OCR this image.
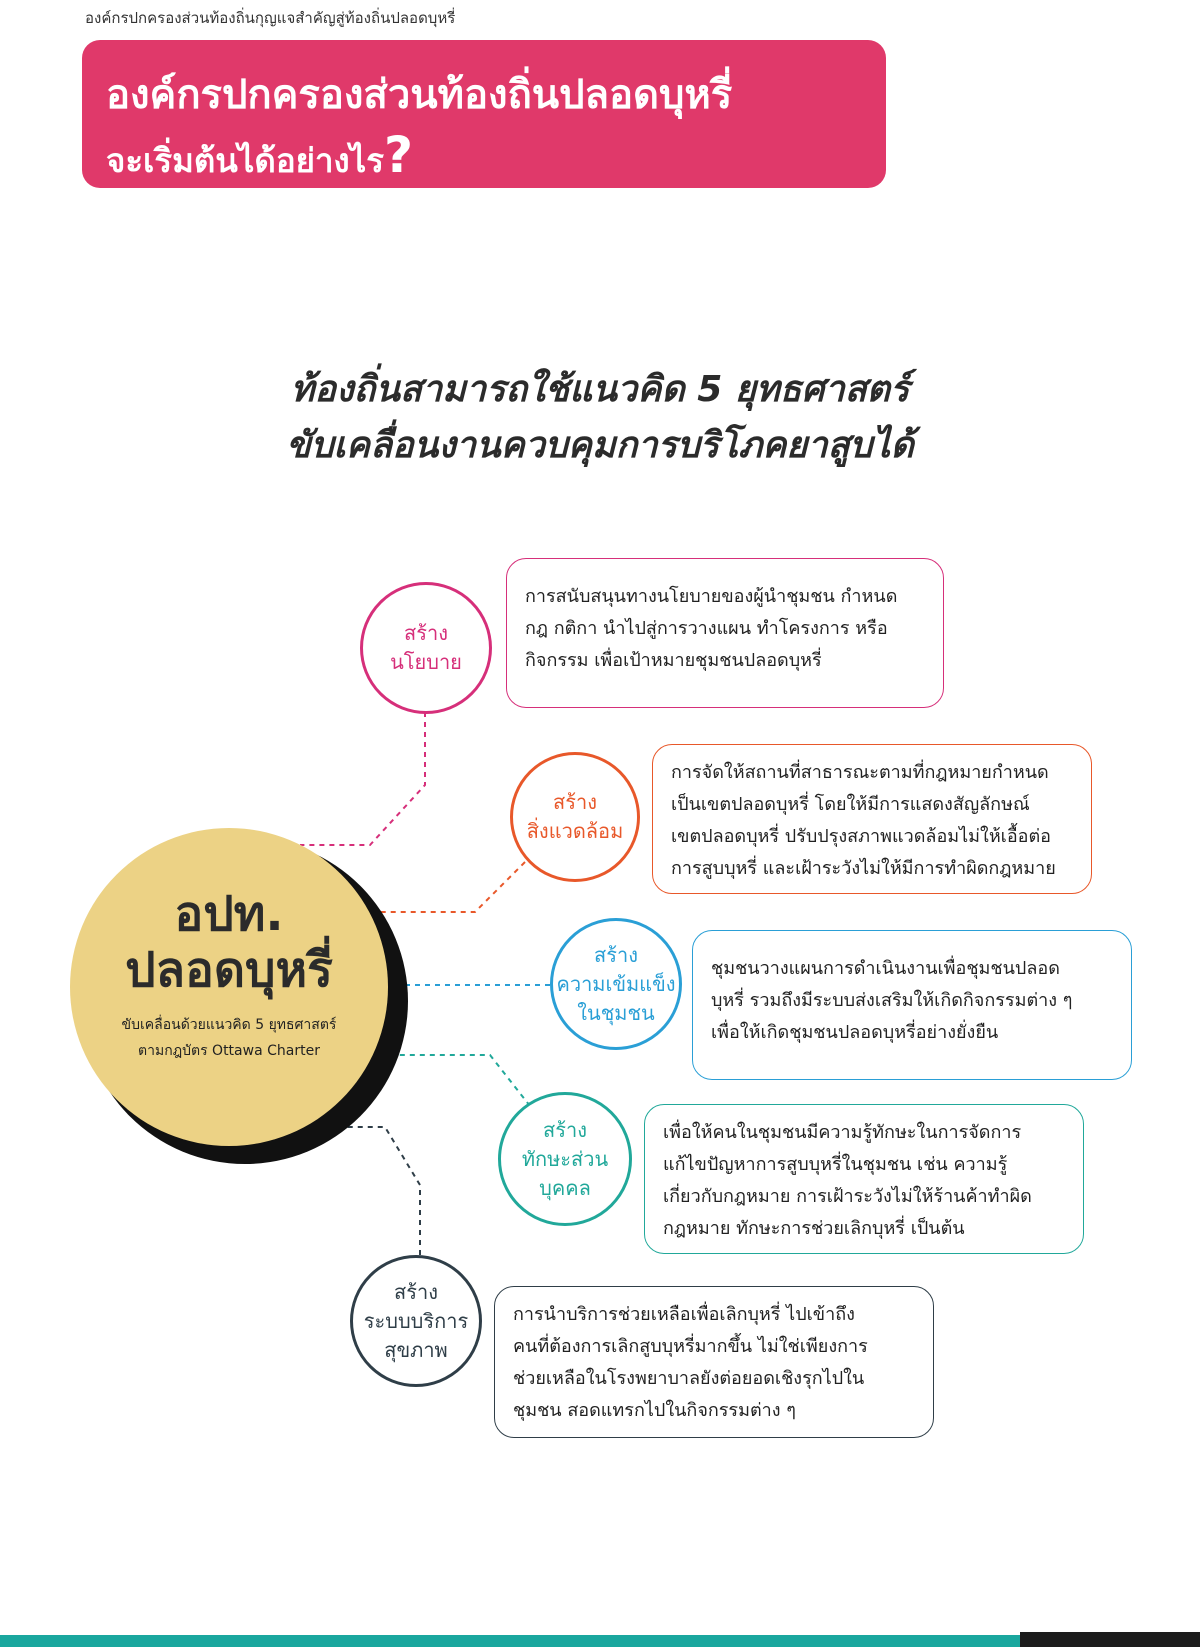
องค์กรปกครองส่วนท้องถิ่นกุญแจสำคัญสู่ท้องถิ่นปลอดบุหรี่
องค์กรปกครองส่วนท้องถิ่นปลอดบุหรี่
จะเริ่มต้นได้อย่างไร?
ท้องถิ่นสามารถใช้แนวคิด 5 ยุทธศาสตร์
ขับเคลื่อนงานควบคุมการบริโภคยาสูบได้
อปท.
ปลอดบุหรี่
ขับเคลื่อนด้วยแนวคิด 5 ยุทธศาสตร์
ตามกฎบัตร Ottawa Charter
สร้าง
นโยบาย
การสนับสนุนทางนโยบายของผู้นำชุมชน กำหนด
กฎ กติกา นำไปสู่การวางแผน ทำโครงการ หรือ
กิจกรรม เพื่อเป้าหมายชุมชนปลอดบุหรี่
สร้าง
สิ่งแวดล้อม
การจัดให้สถานที่สาธารณะตามที่กฎหมายกำหนด
เป็นเขตปลอดบุหรี่ โดยให้มีการแสดงสัญลักษณ์
เขตปลอดบุหรี่ ปรับปรุงสภาพแวดล้อมไม่ให้เอื้อต่อ
การสูบบุหรี่ และเฝ้าระวังไม่ให้มีการทำผิดกฎหมาย
สร้าง
ความเข้มแข็ง
ในชุมชน
ชุมชนวางแผนการดำเนินงานเพื่อชุมชนปลอด
บุหรี่ รวมถึงมีระบบส่งเสริมให้เกิดกิจกรรมต่าง ๆ
เพื่อให้เกิดชุมชนปลอดบุหรี่อย่างยั่งยืน
สร้าง
ทักษะส่วน
บุคคล
เพื่อให้คนในชุมชนมีความรู้ทักษะในการจัดการ
แก้ไขปัญหาการสูบบุหรี่ในชุมชน เช่น ความรู้
เกี่ยวกับกฎหมาย การเฝ้าระวังไม่ให้ร้านค้าทำผิด
กฎหมาย ทักษะการช่วยเลิกบุหรี่ เป็นต้น
สร้าง
ระบบบริการ
สุขภาพ
การนำบริการช่วยเหลือเพื่อเลิกบุหรี่ ไปเข้าถึง
คนที่ต้องการเลิกสูบบุหรี่มากขึ้น ไม่ใช่เพียงการ
ช่วยเหลือในโรงพยาบาลยังต่อยอดเชิงรุกไปใน
ชุมชน สอดแทรกไปในกิจกรรมต่าง ๆ
